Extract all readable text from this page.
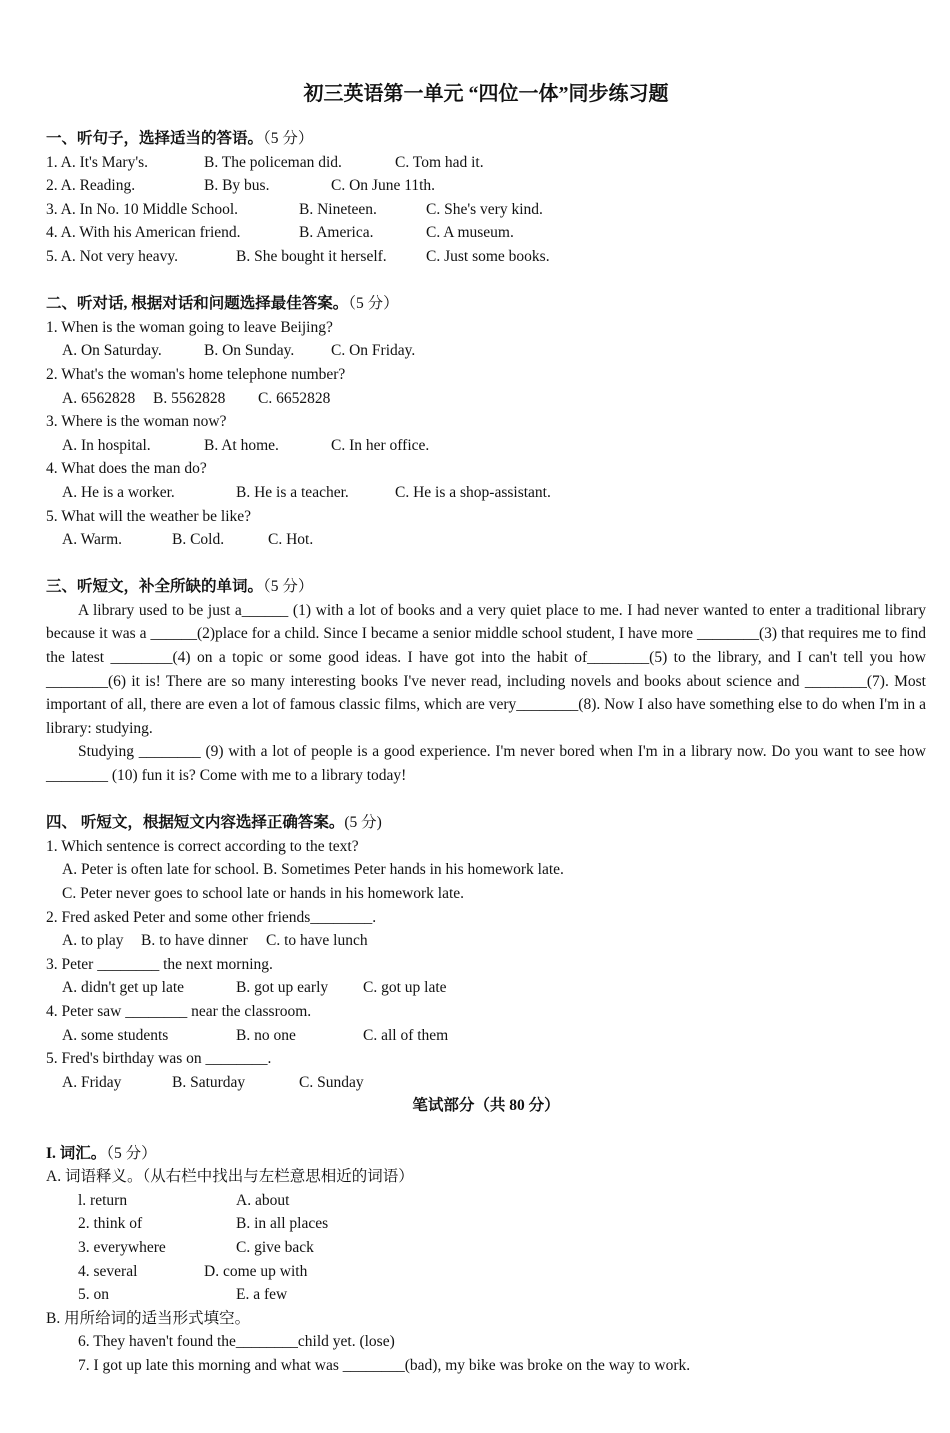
初三英语第一单元 “四位一体”同步练习题
一、听句子，选择适当的答语。（5 分）
1. A. It's Mary's.	B. The policeman did.	C. Tom had it.
2. A. Reading.	B. By bus.	C. On June 11th.
3. A. In No. 10 Middle School.	B. Nineteen.	C. She's very kind.
4. A. With his American friend.	B. America.	C. A museum.
5. A. Not very heavy.	B. She bought it herself.	C. Just some books.
二、听对话, 根据对话和问题选择最佳答案。（5 分）
1. When is the woman going to leave Beijing?
A. On Saturday.	B. On Sunday. C. On Friday.
2. What's the woman's home telephone number?
A. 6562828 B. 5562828 C. 6652828
3. Where is the woman now?
A. In hospital.	B. At home.	C. In her office.
4. What does the man do?
A. He is a worker.	B. He is a teacher.	C. He is a shop-assistant.
5. What will the weather be like?
A. Warm.	B. Cold.	C. Hot.
三、听短文，补全所缺的单词。（5 分）

A library used to be just a______ (1) with a lot of books and a very quiet place to me. I had never wanted to enter a traditional library because it was a ______(2)place for a child. Since I became a senior middle school student, I have more ________(3) that requires me to find the latest ________(4) on a topic or some good ideas. I have got into the habit of________(5) to the library, and I can't tell you how ________(6) it is! There are so many interesting books I've never read, including novels and books about science and ________(7). Most important of all, there are even a lot of famous classic films, which are very________(8). Now I also have something else to do when I'm in a library: studying.

Studying ________ (9) with a lot of people is a good experience. I'm never bored when I'm in a library now. Do you want to see how ________ (10) fun it is? Come with me to a library today!

四、 听短文，根据短文内容选择正确答案。(5 分)
1. Which sentence is correct according to the text?
A. Peter is often late for school. B. Sometimes Peter hands in his homework late.
C. Peter never goes to school late or hands in his homework late.
2. Fred asked Peter and some other friends________.
A. to play B. to have dinner C. to have lunch
3. Peter ________ the next morning.
A. didn't get up late	B. got up early C. got up late
4. Peter saw ________ near the classroom.
A. some students	B. no one	C. all of them
5. Fred's birthday was on ________.
A. Friday	B. Saturday	C. Sunday
笔试部分（共 80 分）
I. 词汇。（5 分）
A. 词语释义。（从右栏中找出与左栏意思相近的词语）
l. return	A. about
2. think of	B. in all places
3. everywhere	C. give back
4. several	D. come up with
5. on	E. a few
B. 用所给词的适当形式填空。
6. They haven't found the________child yet. (lose)
7. I got up late this morning and what was ________(bad), my bike was broke on the way to work.
